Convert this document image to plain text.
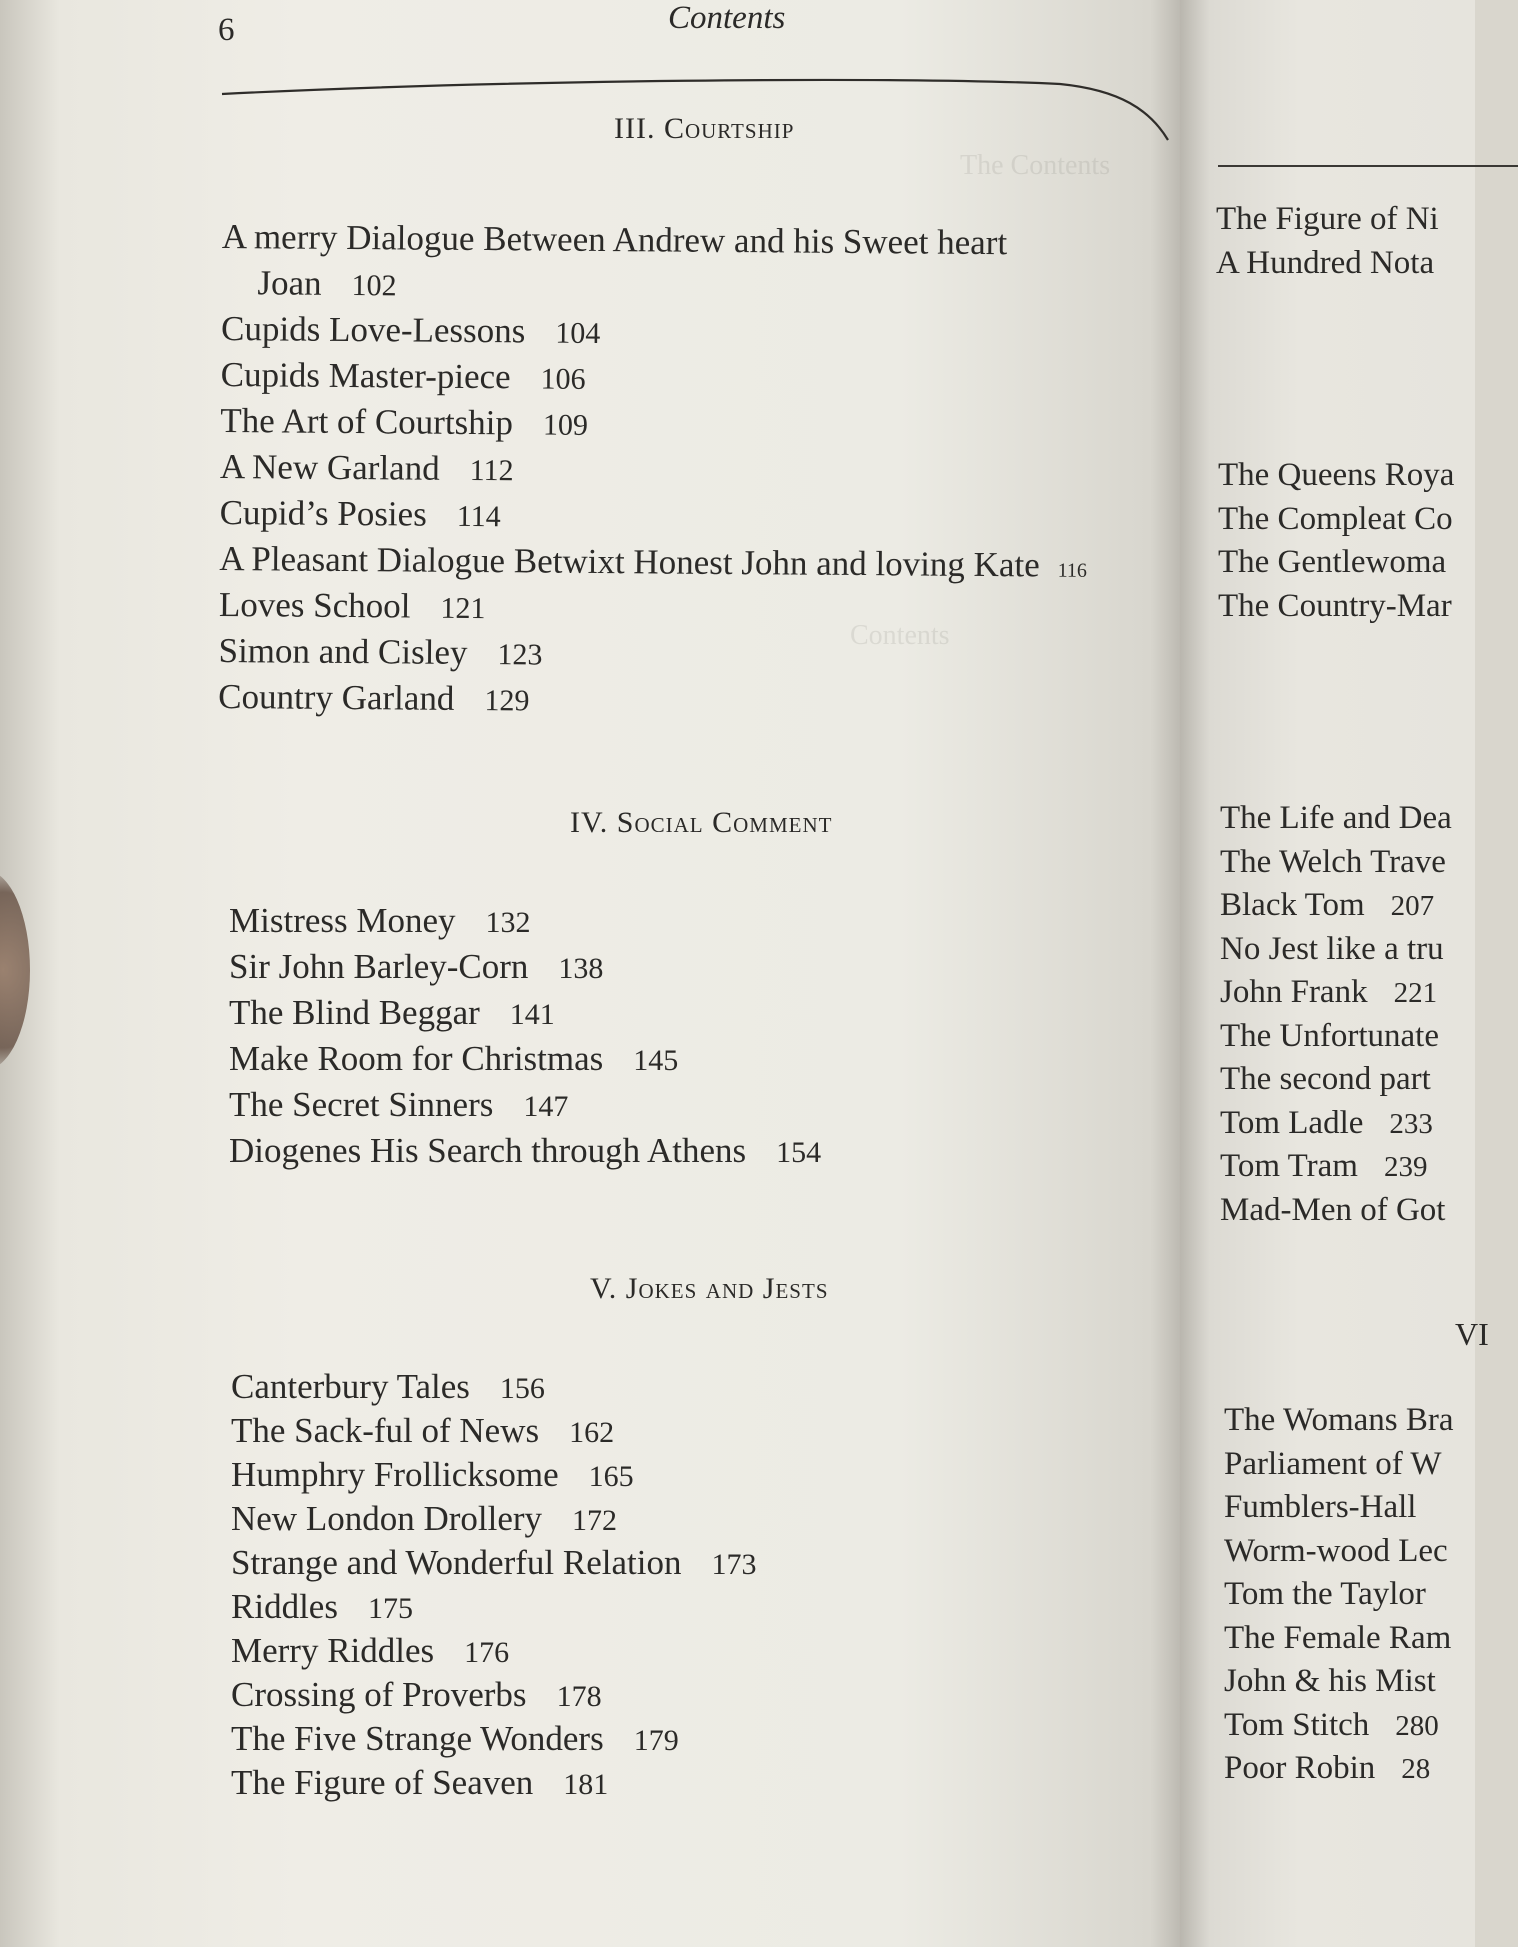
6	Contents
The Contents
Contents
III. Courtship
A merry Dialogue Between Andrew and his Sweet heart
Joan 102
Cupids Love-Lessons 104
Cupids Master-piece 106
The Art of Courtship 109
A New Garland 112
Cupid’s Posies 114
A Pleasant Dialogue Betwixt Honest John and loving Kate 116
Loves School 121
Simon and Cisley 123
Country Garland 129
IV. Social Comment
Mistress Money 132
Sir John Barley-Corn 138
The Blind Beggar 141
Make Room for Christmas 145
The Secret Sinners 147
Diogenes His Search through Athens 154
V. Jokes and Jests
Canterbury Tales 156
The Sack-ful of News 162
Humphry Frollicksome 165
New London Drollery 172
Strange and Wonderful Relation 173
Riddles 175
Merry Riddles 176
Crossing of Proverbs 178
The Five Strange Wonders 179
The Figure of Seaven 181
The Figure of Ni
A Hundred Nota
The Queens Roya
The Compleat Co
The Gentlewoma
The Country-Mar
The Life and Dea
The Welch Trave
Black Tom 207
No Jest like a tru
John Frank 221
The Unfortunate
The second part
Tom Ladle 233
Tom Tram 239
Mad-Men of Got
VI
The Womans Bra
Parliament of W
Fumblers-Hall
Worm-wood Lec
Tom the Taylor
The Female Ram
John & his Mist
Tom Stitch 280
Poor Robin 28
